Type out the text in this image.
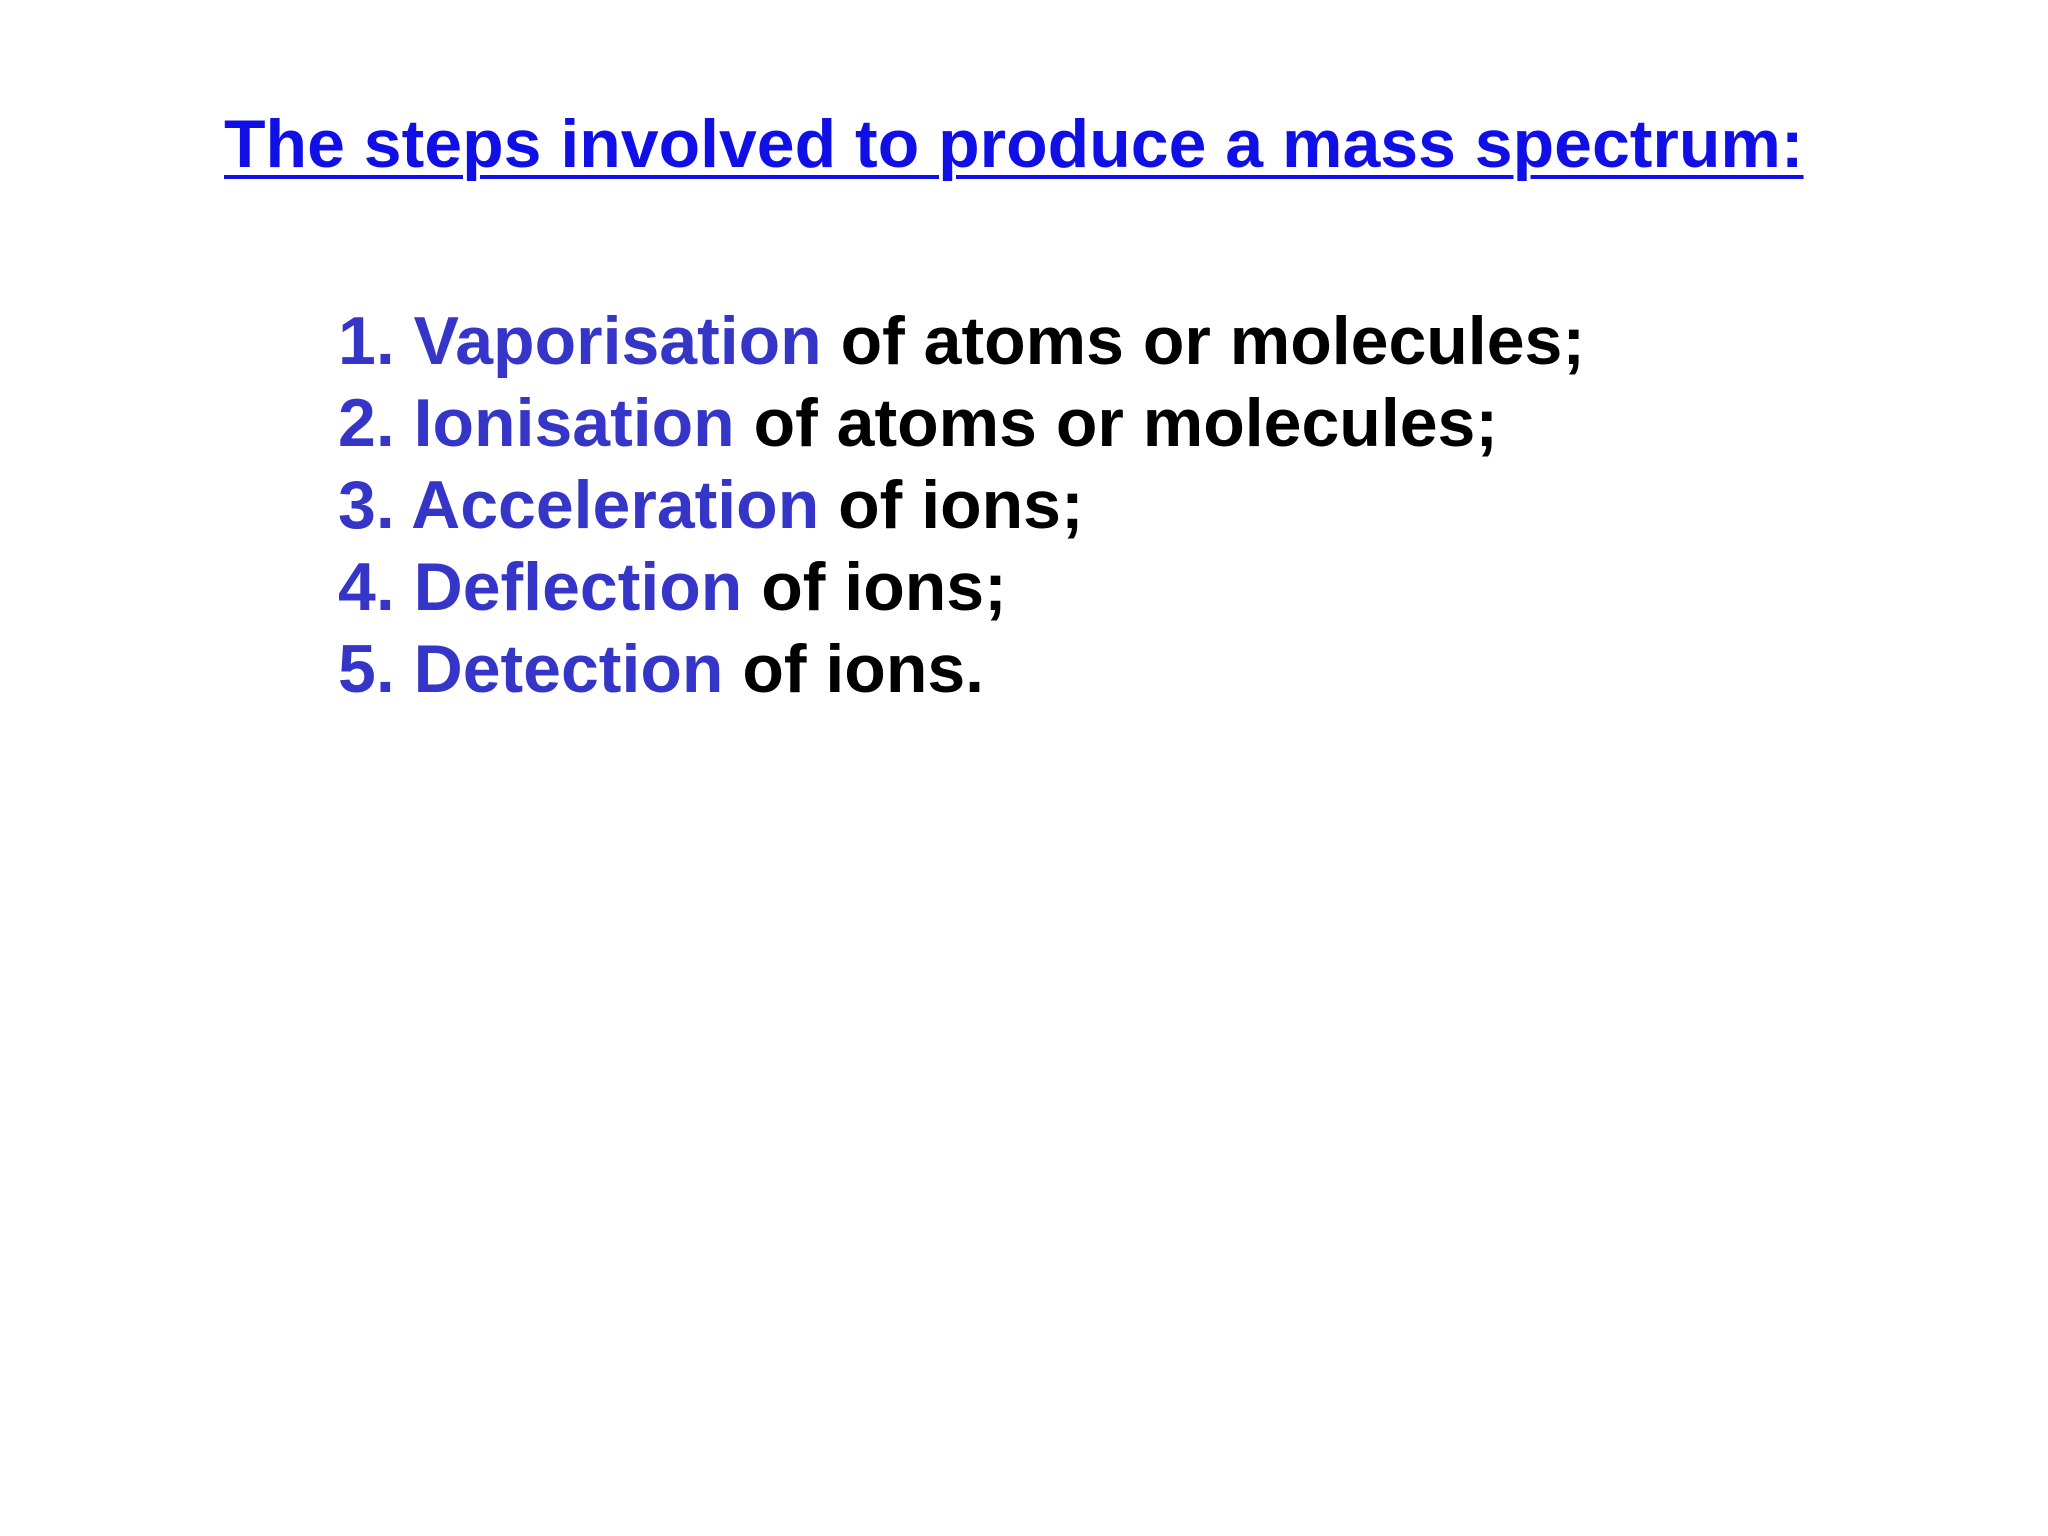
The steps involved to produce a mass spectrum:
1. Vaporisation of atoms or molecules;
2. Ionisation of atoms or molecules;
3. Acceleration of ions;
4. Deflection of ions;
5. Detection of ions.
